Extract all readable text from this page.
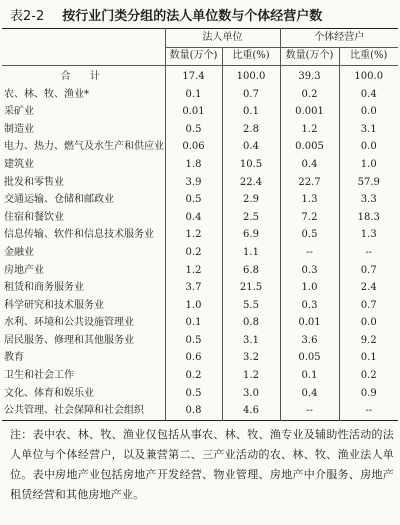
表2-2 按行业门类分组的法人单位数与个体经营户数
	法人单位		个体经营户	
	数量(万个)	比重(%)	数量(万个)	比重(%)
合 计	17.4	100.0	39.3	100.0
农、林、牧、渔业*	0.1	0.7	0.2	0.4
采矿业	0.01	0.1	0.001	0.0
制造业	0.5	2.8	1.2	3.1
电力、热力、燃气及水生产和供应业	0.06	0.4	0.005	0.0
建筑业	1.8	10.5	0.4	1.0
批发和零售业	3.9	22.4	22.7	57.9
交通运输、仓储和邮政业	0.5	2.9	1.3	3.3
住宿和餐饮业	0.4	2.5	7.2	18.3
信息传输、软件和信息技术服务业	1.2	6.9	0.5	1.3
金融业	0.2	1.1	--	--
房地产业	1.2	6.8	0.3	0.7
租赁和商务服务业	3.7	21.5	1.0	2.4
科学研究和技术服务业	1.0	5.5	0.3	0.7
水利、环境和公共设施管理业	0.1	0.8	0.01	0.0
居民服务、修理和其他服务业	0.5	3.1	3.6	9.2
教育	0.6	3.2	0.05	0.1
卫生和社会工作	0.2	1.2	0.1	0.2
文化、体育和娱乐业	0.5	3.0	0.4	0.9
公共管理、社会保障和社会组织	0.8	4.6	--	--
注：表中农、林、牧、渔业仅包括从事农、林、牧、渔专业及辅助性活动的法人单位与个体经营户，以及兼营第二、三产业活动的农、林、牧、渔业法人单位。表中房地产业包括房地产开发经营、物业管理、房地产中介服务、房地产租赁经营和其他房地产业。
